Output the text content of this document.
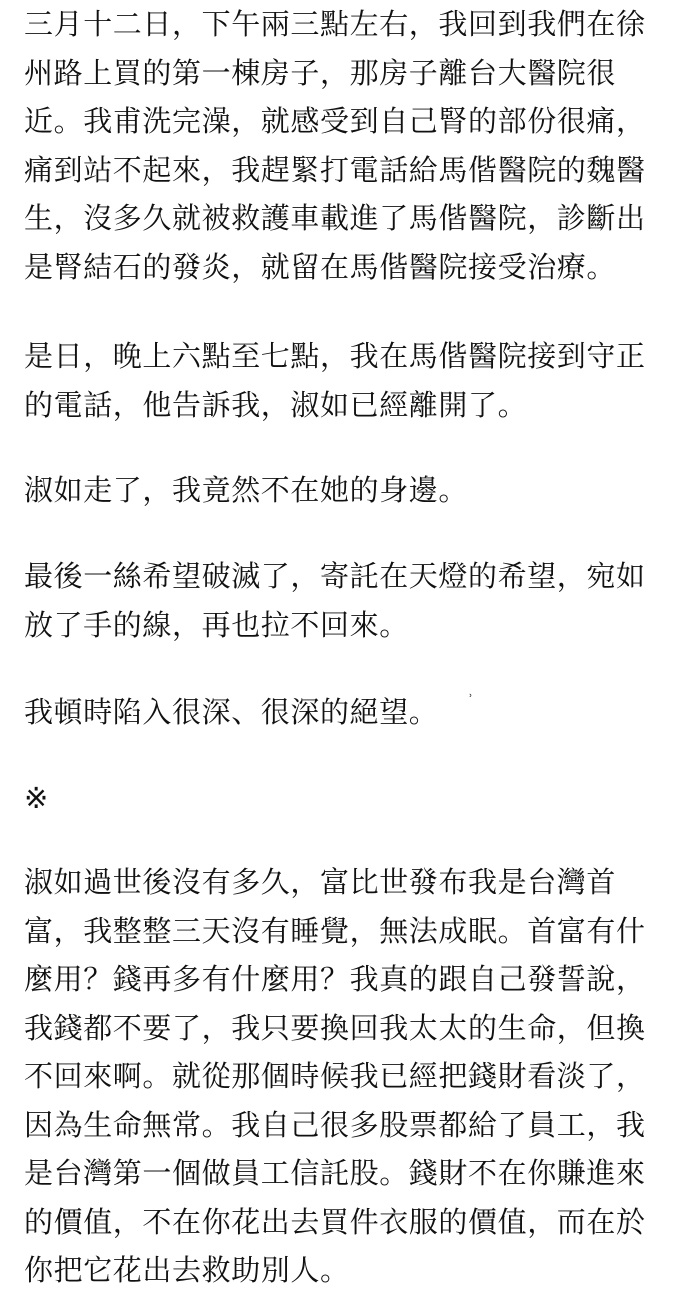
三月十二日，下午兩三點左右，我回到我們在徐
州路上買的第一棟房子，那房子離台大醫院很
近。我甫洗完澡，就感受到自己腎的部份很痛，
痛到站不起來，我趕緊打電話給馬偕醫院的魏醫
生，沒多久就被救護車載進了馬偕醫院，診斷出
是腎結石的發炎，就留在馬偕醫院接受治療。

是日，晚上六點至七點，我在馬偕醫院接到守正
的電話，他告訴我，淑如已經離開了。

淑如走了，我竟然不在她的身邊。

最後一絲希望破滅了，寄託在天燈的希望，宛如
放了手的線，再也拉不回來。

我頓時陷入很深、很深的絕望。	ʾ

※

淑如過世後沒有多久，富比世發布我是台灣首
富，我整整三天沒有睡覺，無法成眠。首富有什
麼用？錢再多有什麼用？我真的跟自己發誓說，
我錢都不要了，我只要換回我太太的生命，但換
不回來啊。就從那個時候我已經把錢財看淡了，
因為生命無常。我自己很多股票都給了員工，我
是台灣第一個做員工信託股。錢財不在你賺進來
的價值，不在你花出去買件衣服的價值，而在於
你把它花出去救助別人。
